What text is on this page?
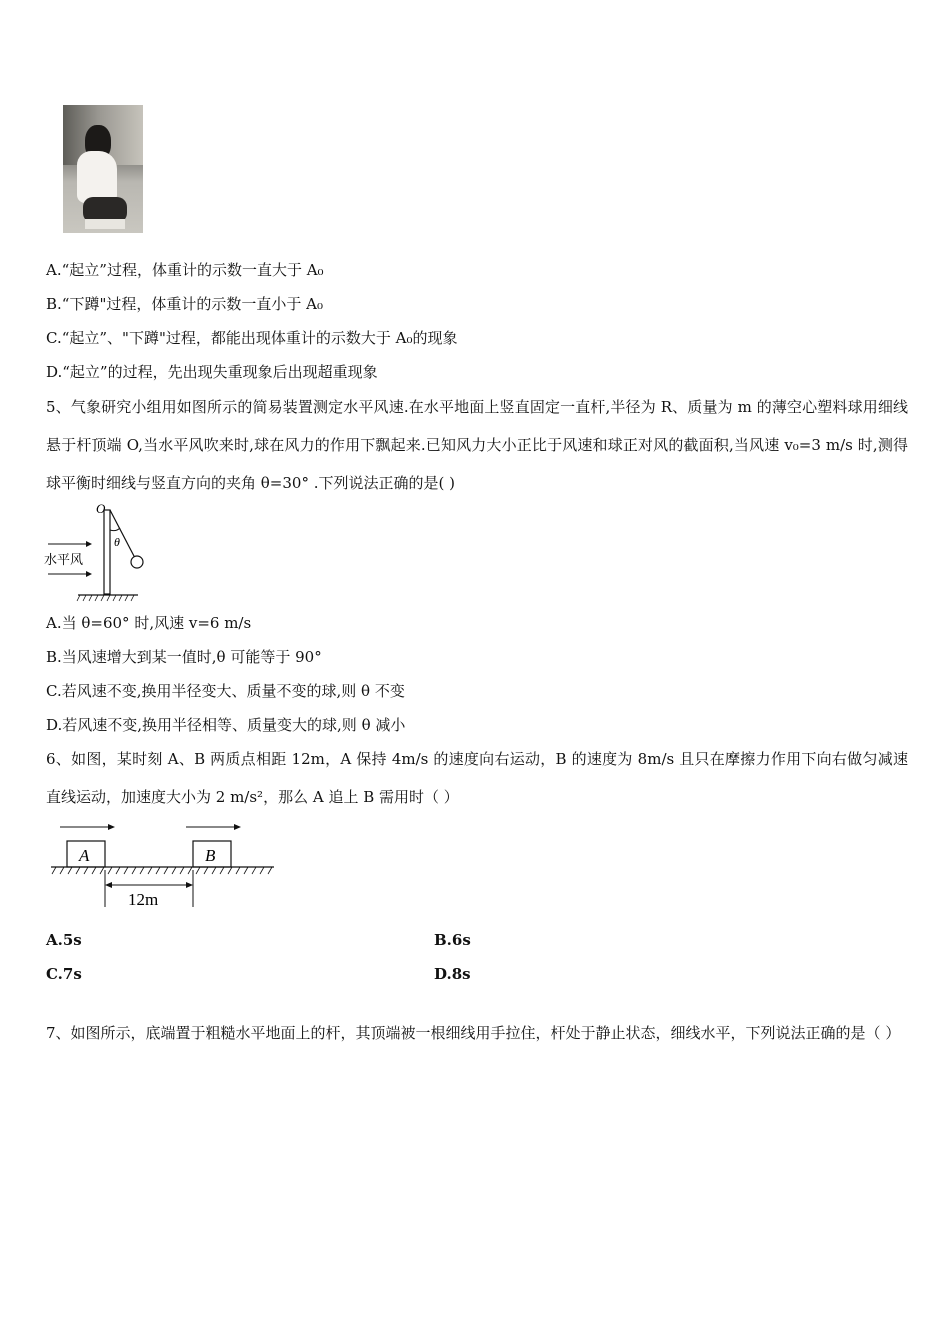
A.“起立”过程，体重计的示数一直大于 A₀
B.“下蹲"过程，体重计的示数一直小于 A₀
C.“起立”、"下蹲"过程，都能出现体重计的示数大于 A₀的现象
D.“起立”的过程，先出现失重现象后出现超重现象
5、气象研究小组用如图所示的简易装置测定水平风速.在水平地面上竖直固定一直杆,半径为 R、质量为 m 的薄空心塑料球用细线悬于杆顶端 O,当水平风吹来时,球在风力的作用下飘起来.已知风力大小正比于风速和球正对风的截面积,当风速 v₀=3 m/s 时,测得球平衡时细线与竖直方向的夹角 θ=30° .下列说法正确的是( )
O
θ
水平风
A.当 θ=60° 时,风速 v=6 m/s
B.当风速增大到某一值时,θ 可能等于 90°
C.若风速不变,换用半径变大、质量不变的球,则 θ 不变
D.若风速不变,换用半径相等、质量变大的球,则 θ 减小
6、如图，某时刻 A、B 两质点相距 12m，A 保持 4m/s 的速度向右运动，B 的速度为 8m/s 且只在摩擦力作用下向右做匀减速直线运动，加速度大小为 2 m/s²，那么 A 追上 B 需用时（ ）
A	B
12m
A.5s	B.6s
C.7s	D.8s
7、如图所示，底端置于粗糙水平地面上的杆，其顶端被一根细线用手拉住，杆处于静止状态，细线水平，下列说法正确的是（ ）
